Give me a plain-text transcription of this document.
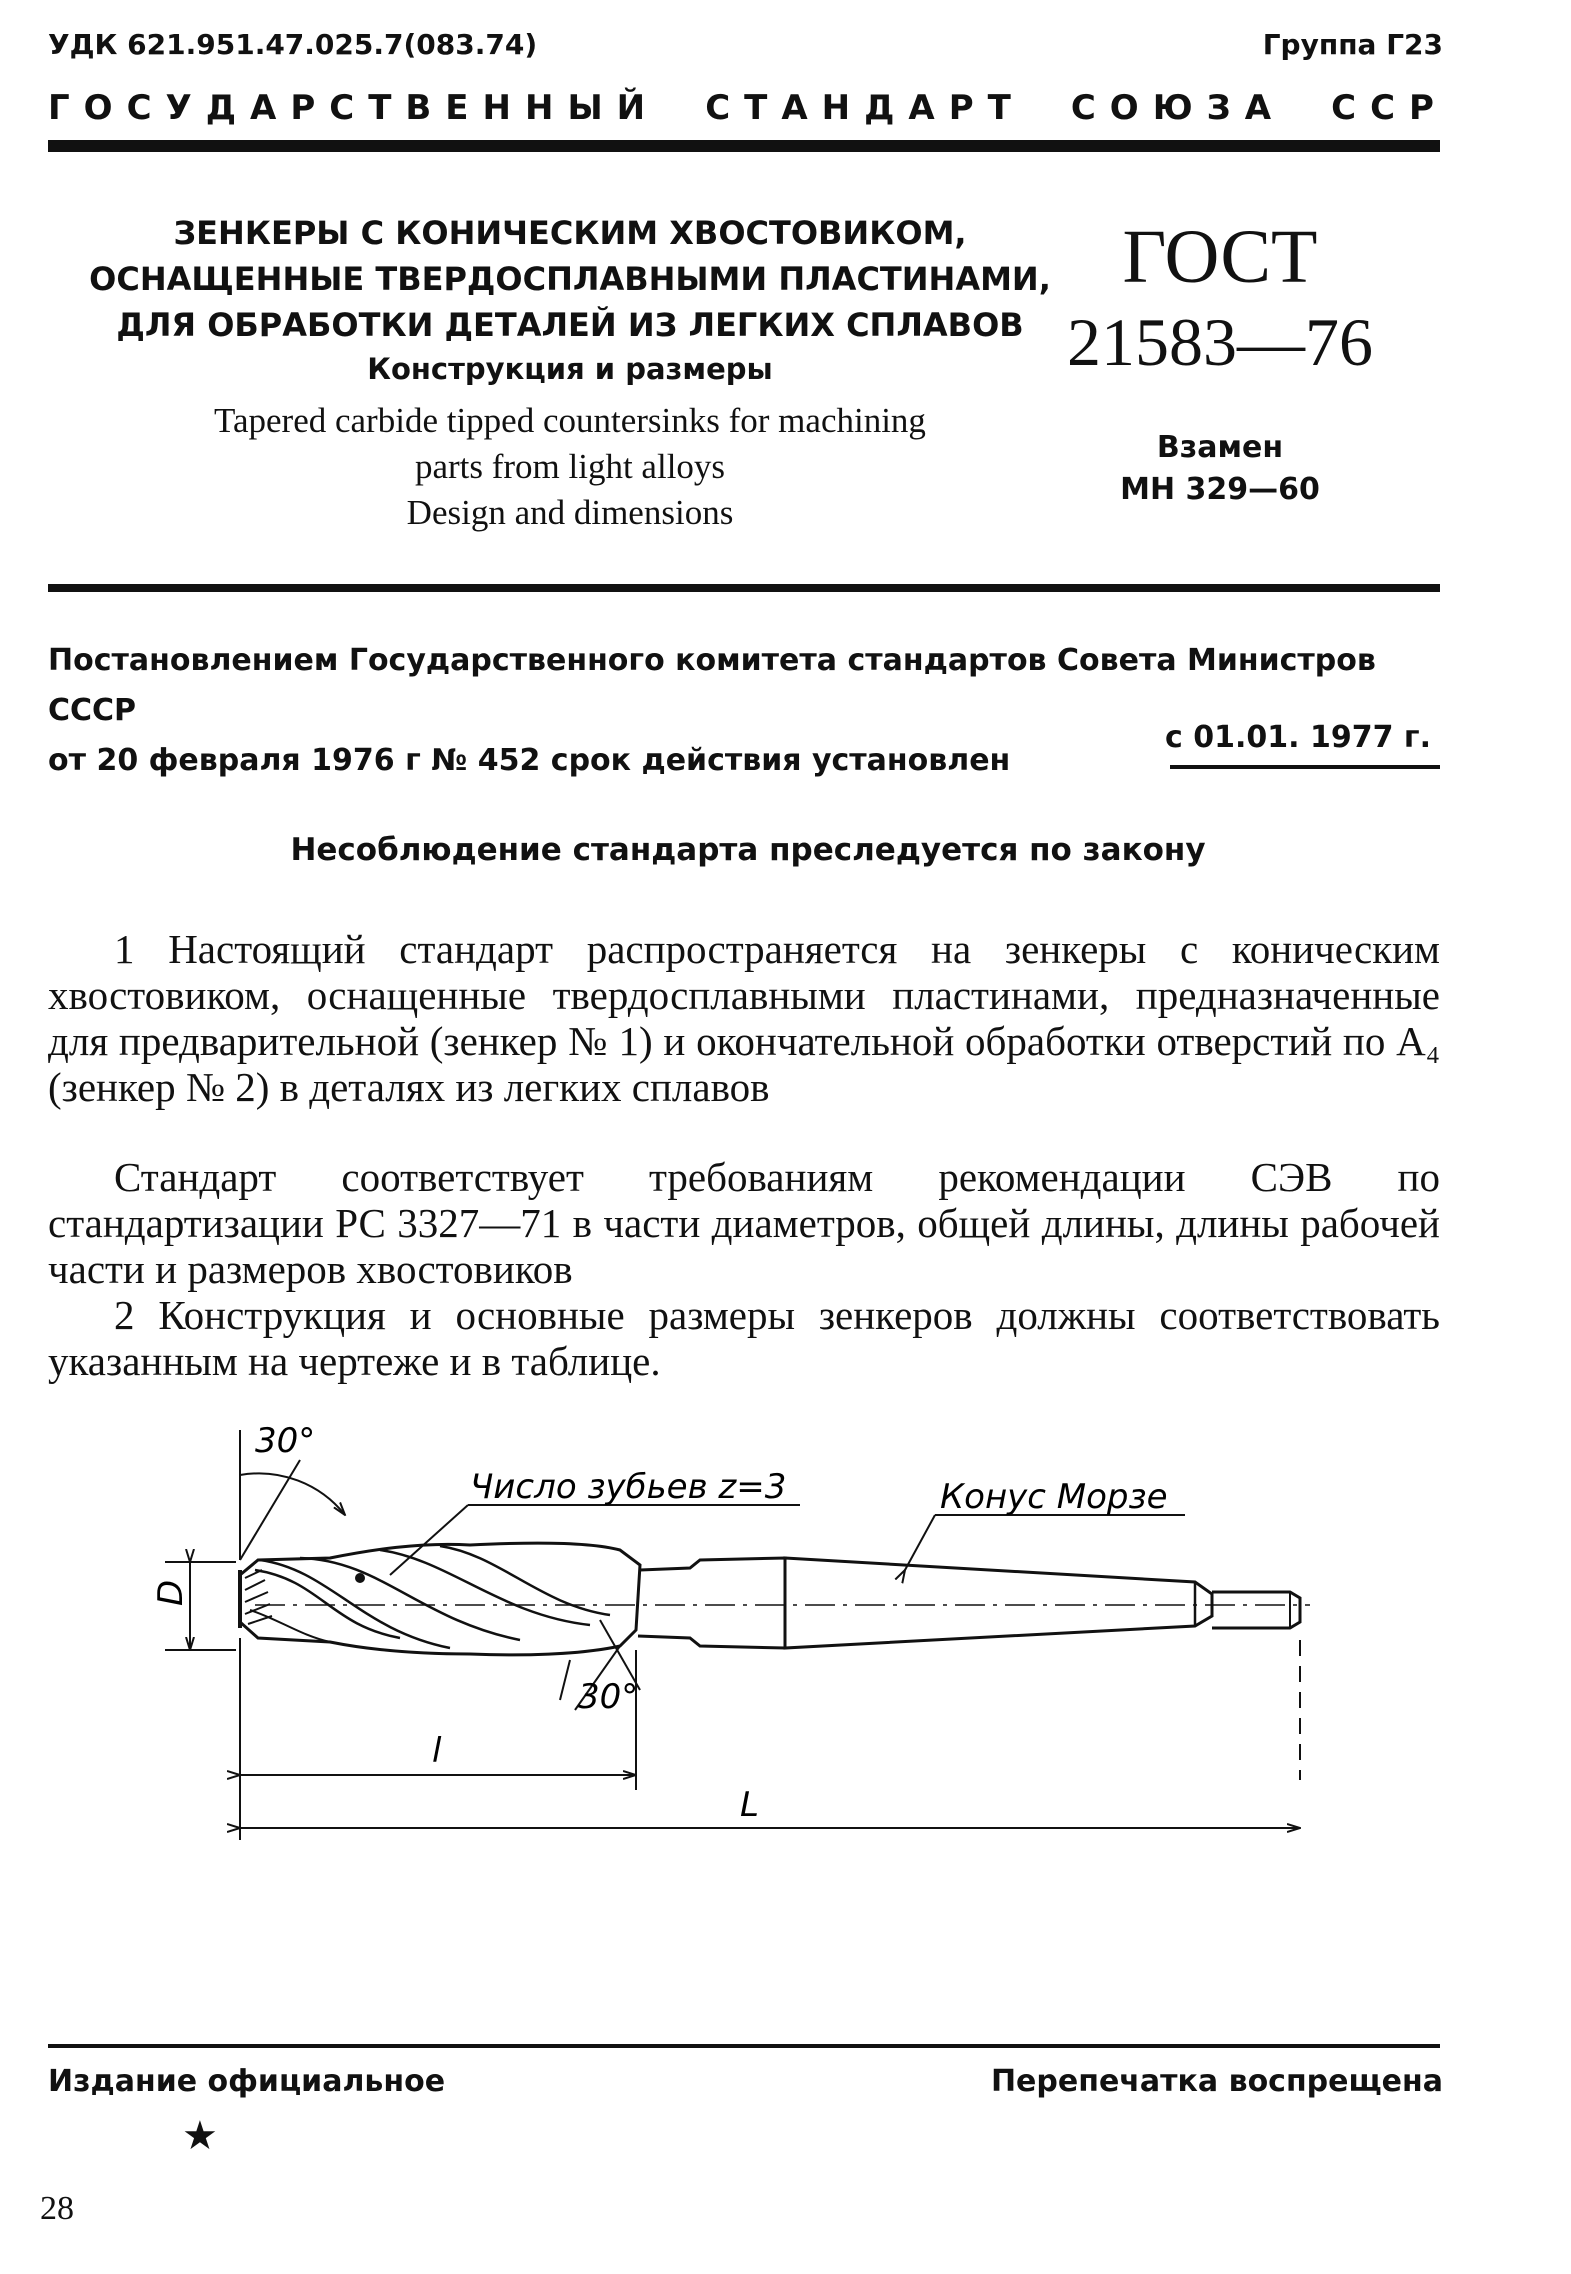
УДК 621.951.47.025.7(083.74)	Группа Г23
ГОСУДАРСТВЕННЫЙ СТАНДАРТ СОЮЗА ССР
ЗЕНКЕРЫ С КОНИЧЕСКИМ ХВОСТОВИКОМ,
ОСНАЩЕННЫЕ ТВЕРДОСПЛАВНЫМИ ПЛАСТИНАМИ,
ДЛЯ ОБРАБОТКИ ДЕТАЛЕЙ ИЗ ЛЕГКИХ СПЛАВОВ
Конструкция и размеры
Tapered carbide tipped countersinks for machining
parts from light alloys
Design and dimensions
ГОСТ
21583—76
Взамен
МН 329—60
Постановлением Государственного комитета стандартов Совета Министров СССР
от 20 февраля 1976 г № 452 срок действия установлен
с 01.01. 1977 г.
Несоблюдение стандарта преследуется по закону
1 Настоящий стандарт распространяется на зенкеры с коническим хвостовиком, оснащенные твердосплавными пластинами, предназначенные для предварительной (зенкер № 1) и окончательной обработки отверстий по A₄ (зенкер № 2) в деталях из легких сплавов
Стандарт соответствует требованиям рекомендации СЭВ по стандартизации РС 3327—71 в части диаметров, общей длины, длины рабочей части и размеров хвостовиков
2 Конструкция и основные размеры зенкеров должны соответствовать указанным на чертеже и в таблице.
30°
30°
Число зубьев z=3	Конус Морзе
D
l
L
Издание официальное	Перепечатка воспрещена
★
28
